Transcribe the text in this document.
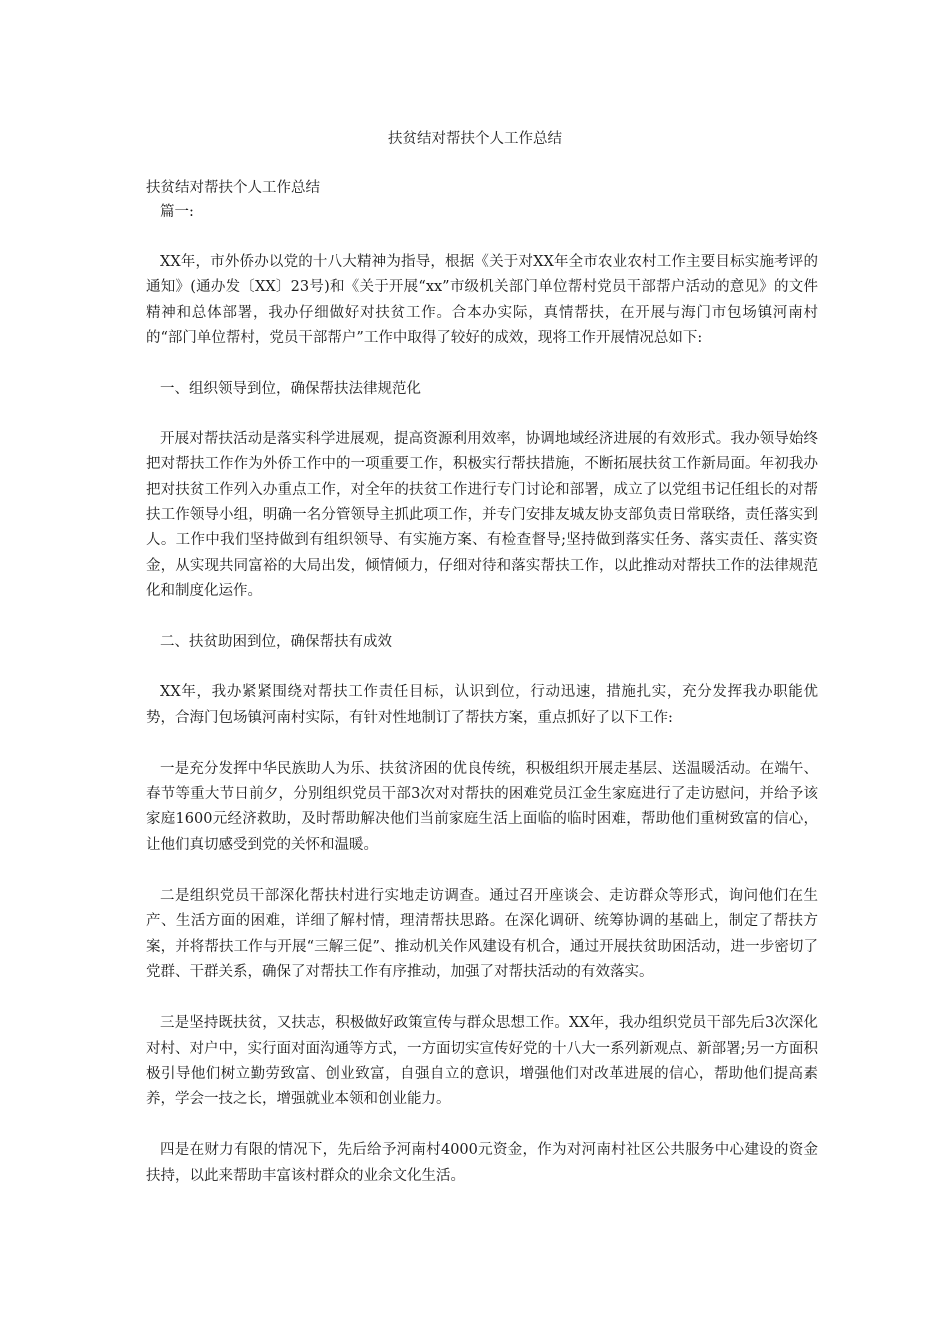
扶贫结对帮扶个人工作总结
扶贫结对帮扶个人工作总结
篇一:

XX年，市外侨办以党的十八大精神为指导，根据《关于对XX年全市农业农村工作主要目标实施考评的通知》(通办发〔XX〕23号)和《关于开展“xx”市级机关部门单位帮村党员干部帮户活动的意见》的文件精神和总体部署，我办仔细做好对扶贫工作。合本办实际，真情帮扶，在开展与海门市包场镇河南村的“部门单位帮村，党员干部帮户”工作中取得了较好的成效，现将工作开展情况总如下:

一、组织领导到位，确保帮扶法律规范化

开展对帮扶活动是落实科学进展观，提高资源利用效率，协调地域经济进展的有效形式。我办领导始终把对帮扶工作作为外侨工作中的一项重要工作，积极实行帮扶措施，不断拓展扶贫工作新局面。年初我办把对扶贫工作列入办重点工作，对全年的扶贫工作进行专门讨论和部署，成立了以党组书记任组长的对帮扶工作领导小组，明确一名分管领导主抓此项工作，并专门安排友城友协支部负责日常联络，责任落实到人。工作中我们坚持做到有组织领导、有实施方案、有检查督导;坚持做到落实任务、落实责任、落实资金，从实现共同富裕的大局出发，倾情倾力，仔细对待和落实帮扶工作，以此推动对帮扶工作的法律规范化和制度化运作。

二、扶贫助困到位，确保帮扶有成效

XX年，我办紧紧围绕对帮扶工作责任目标，认识到位，行动迅速，措施扎实，充分发挥我办职能优势，合海门包场镇河南村实际，有针对性地制订了帮扶方案，重点抓好了以下工作:

一是充分发挥中华民族助人为乐、扶贫济困的优良传统，积极组织开展走基层、送温暖活动。在端午、春节等重大节日前夕，分别组织党员干部3次对对帮扶的困难党员江金生家庭进行了走访慰问，并给予该家庭1600元经济救助，及时帮助解决他们当前家庭生活上面临的临时困难，帮助他们重树致富的信心，让他们真切感受到党的关怀和温暖。

二是组织党员干部深化帮扶村进行实地走访调查。通过召开座谈会、走访群众等形式，询问他们在生产、生活方面的困难，详细了解村情，理清帮扶思路。在深化调研、统筹协调的基础上，制定了帮扶方案，并将帮扶工作与开展“三解三促”、推动机关作风建设有机合，通过开展扶贫助困活动，进一步密切了党群、干群关系，确保了对帮扶工作有序推动，加强了对帮扶活动的有效落实。

三是坚持既扶贫，又扶志，积极做好政策宣传与群众思想工作。XX年，我办组织党员干部先后3次深化对村、对户中，实行面对面沟通等方式，一方面切实宣传好党的十八大一系列新观点、新部署;另一方面积极引导他们树立勤劳致富、创业致富，自强自立的意识，增强他们对改革进展的信心，帮助他们提高素养，学会一技之长，增强就业本领和创业能力。

四是在财力有限的情况下，先后给予河南村4000元资金，作为对河南村社区公共服务中心建设的资金扶持，以此来帮助丰富该村群众的业余文化生活。
